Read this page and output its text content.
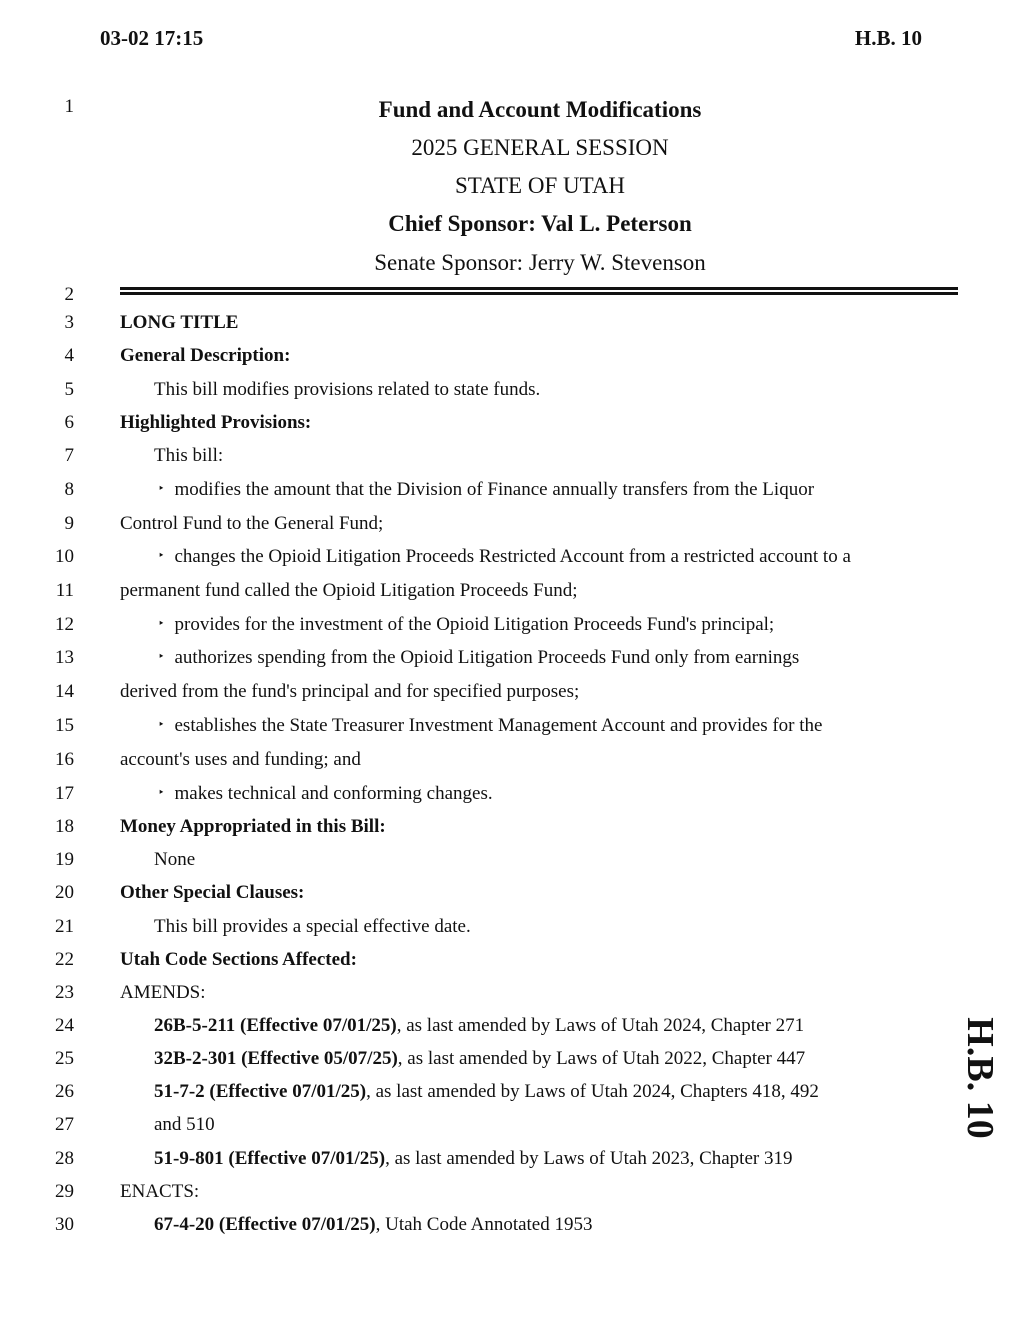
03-02 17:15	H.B. 10
1
2
3
4
5
6
7
8
9
10
11
12
13
14
15
16
17
18
19
20
21
22
23
24
25
26
27
28
29
30
Fund and Account Modifications
2025 GENERAL SESSION
STATE OF UTAH
Chief Sponsor: Val L. Peterson
Senate Sponsor: Jerry W. Stevenson
LONG TITLE
General Description:
This bill modifies provisions related to state funds.
Highlighted Provisions:
This bill:
‣ modifies the amount that the Division of Finance annually transfers from the Liquor
Control Fund to the General Fund;
‣ changes the Opioid Litigation Proceeds Restricted Account from a restricted account to a
permanent fund called the Opioid Litigation Proceeds Fund;
‣ provides for the investment of the Opioid Litigation Proceeds Fund's principal;
‣ authorizes spending from the Opioid Litigation Proceeds Fund only from earnings
derived from the fund's principal and for specified purposes;
‣ establishes the State Treasurer Investment Management Account and provides for the
account's uses and funding; and
‣ makes technical and conforming changes.
Money Appropriated in this Bill:
None
Other Special Clauses:
This bill provides a special effective date.
Utah Code Sections Affected:
AMENDS:
26B-5-211 (Effective 07/01/25), as last amended by Laws of Utah 2024, Chapter 271
32B-2-301 (Effective 05/07/25), as last amended by Laws of Utah 2022, Chapter 447
51-7-2 (Effective 07/01/25), as last amended by Laws of Utah 2024, Chapters 418, 492
and 510
51-9-801 (Effective 07/01/25), as last amended by Laws of Utah 2023, Chapter 319
ENACTS:
67-4-20 (Effective 07/01/25), Utah Code Annotated 1953
H.B. 10
